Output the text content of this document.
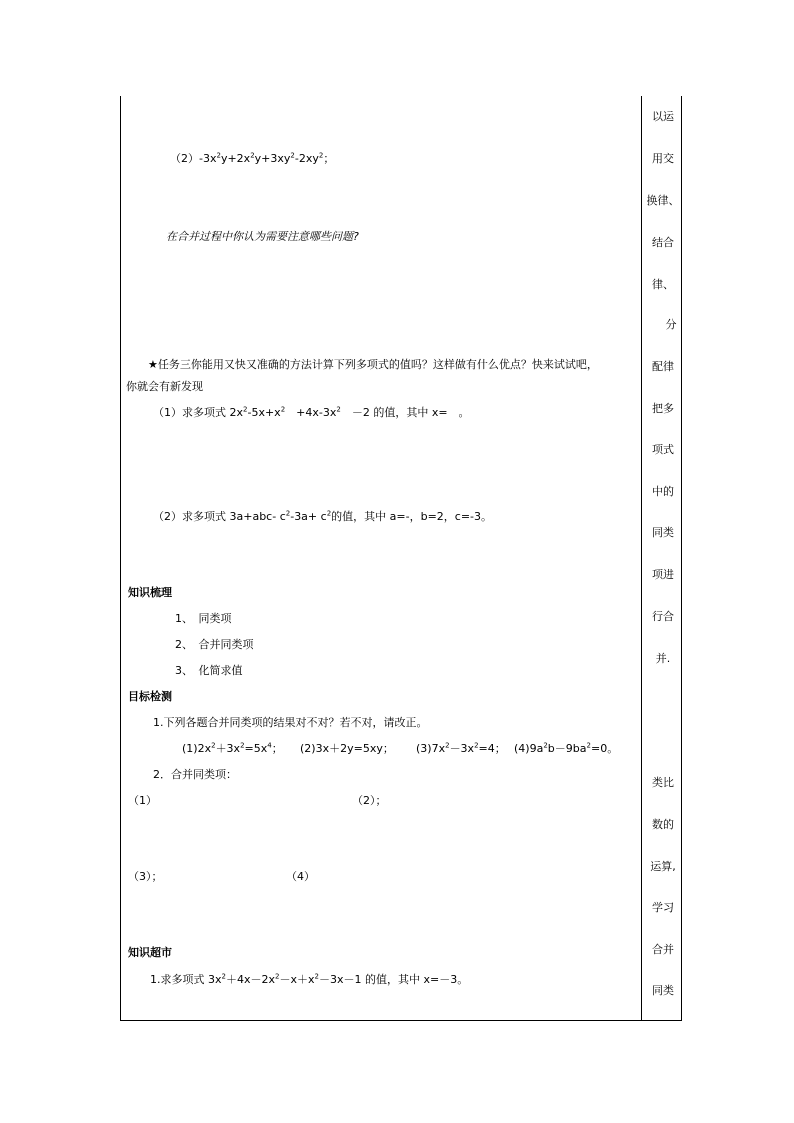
$(2)-3x^2y+2x^2y+3xy^2-2xy^2$；
在合并过程中你认为需要注意哪些问题?
★任务三你能用又快又准确的方法计算下列多项式的值吗？这样做有什么优点？快来试试吧，
你就会有新发现
（1）求多项式 $2x^2-5x+x^2$　 $+4x-3x^2$　 －2 的值，其中 x=　。
（2）求多项式 3a+abc- $c^2-3a+ c^2$的值，其中 a=-，b=2，c=-3。
知识梳理
1、　同类项
2、　合并同类项
3、　化简求值
目标检测
1.下列各题合并同类项的结果对不对？若不对，请改正。
$(1)2x^2+3x^2=5x^4$； (2)3x＋2y=5xy； $(3)7x^2-3x^2=4$； $(4)9a^2b-9ba^2=0$。
2．合并同类项：
（1）	（2）；
（3）；	（4）
知识超市
1.求多项式 $3x^2+4x-2x^2-x+x^2-3x-1$ 的值，其中 x=－3。
以运
用交
换律、
结合
律、
分
配律
把多
项式
中的
同类
项进
行合
并.
类比
数的
运算,
学习
合并
同类
